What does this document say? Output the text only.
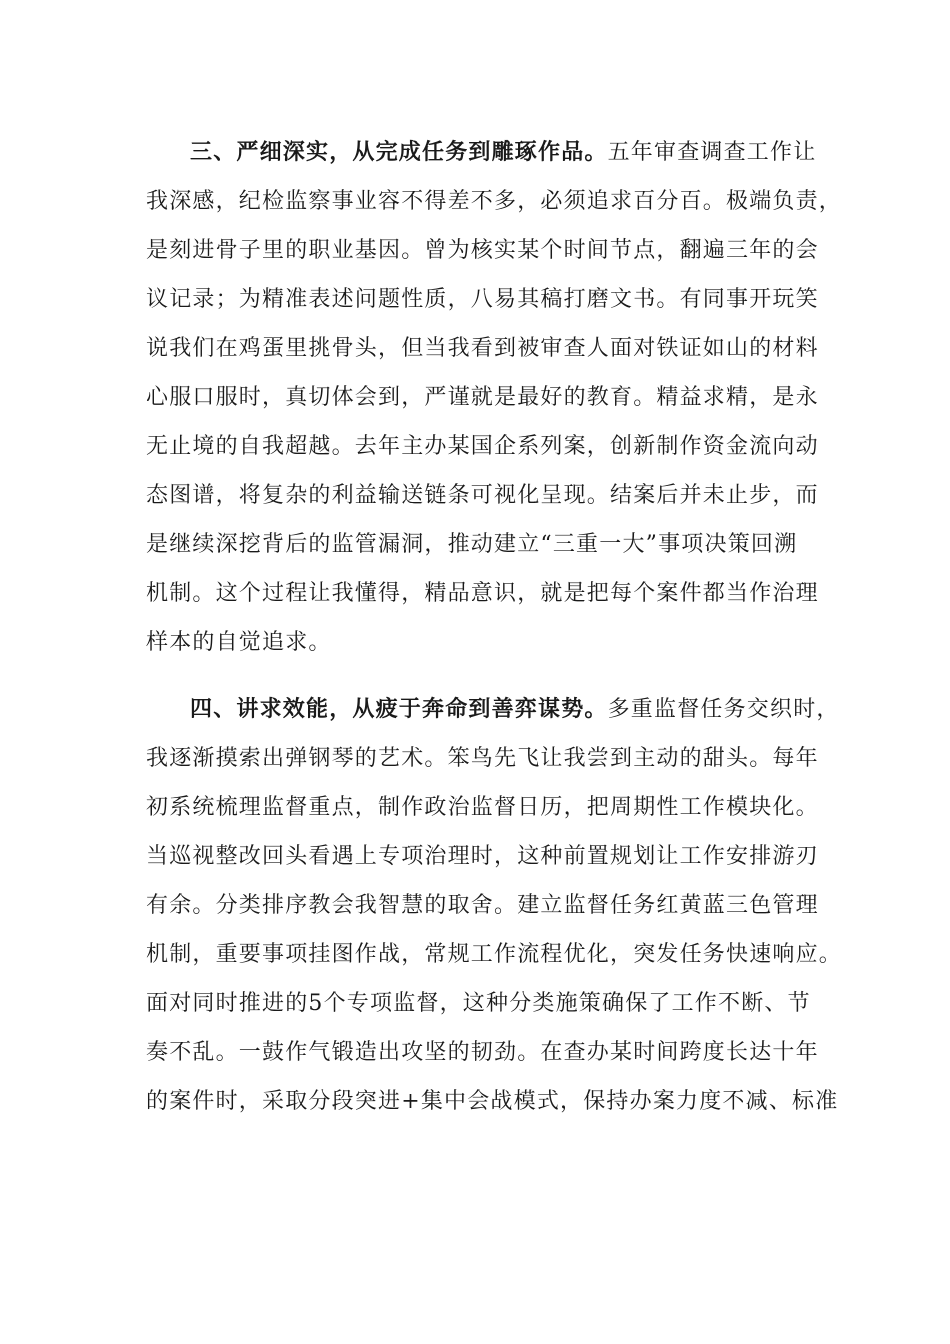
三、严细深实，从完成任务到雕琢作品。五年审查调查工作让
我深感，纪检监察事业容不得差不多，必须追求百分百。极端负责，
是刻进骨子里的职业基因。曾为核实某个时间节点，翻遍三年的会
议记录；为精准表述问题性质，八易其稿打磨文书。有同事开玩笑
说我们在鸡蛋里挑骨头，但当我看到被审查人面对铁证如山的材料
心服口服时，真切体会到，严谨就是最好的教育。精益求精，是永
无止境的自我超越。去年主办某国企系列案，创新制作资金流向动
态图谱，将复杂的利益输送链条可视化呈现。结案后并未止步，而
是继续深挖背后的监管漏洞，推动建立“三重一大”事项决策回溯
机制。这个过程让我懂得，精品意识，就是把每个案件都当作治理
样本的自觉追求。
四、讲求效能，从疲于奔命到善弈谋势。多重监督任务交织时，
我逐渐摸索出弹钢琴的艺术。笨鸟先飞让我尝到主动的甜头。每年
初系统梳理监督重点，制作政治监督日历，把周期性工作模块化。
当巡视整改回头看遇上专项治理时，这种前置规划让工作安排游刃
有余。分类排序教会我智慧的取舍。建立监督任务红黄蓝三色管理
机制，重要事项挂图作战，常规工作流程优化，突发任务快速响应。
面对同时推进的5个专项监督，这种分类施策确保了工作不断、节
奏不乱。一鼓作气锻造出攻坚的韧劲。在查办某时间跨度长达十年
的案件时，采取分段突进+集中会战模式，保持办案力度不减、标准
